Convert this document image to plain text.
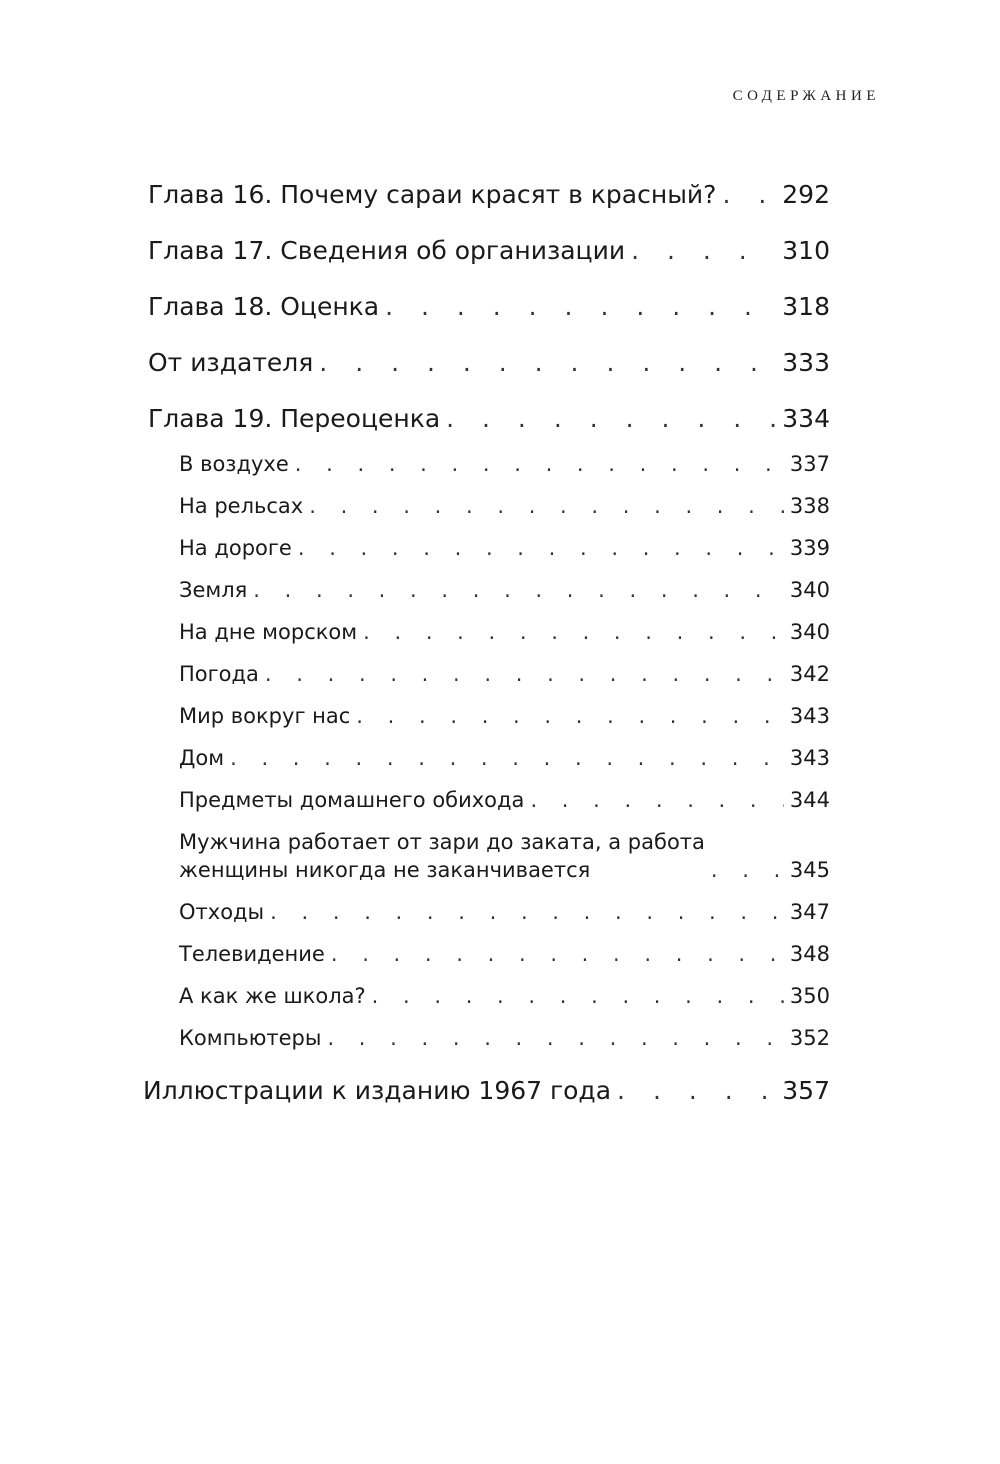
СОДЕРЖАНИЕ
Глава 16. Почему сараи красят в красный? . . .	292
Глава 17. Сведения об организации . . .	310
Глава 18. Оценка . . .	318
От издателя . . .	333
Глава 19. Переоценка . . .	334
В воздухе . . .	337
На рельсах . . .	338
На дороге . . .	339
Земля . . .	340
На дне морском . . .	340
Погода . . .	342
Мир вокруг нас . . .	343
Дом . . .	343
Предметы домашнего обихода . . .	344
Мужчина работает от зари до заката, а работа
женщины никогда не заканчивается . . .	345
Отходы . . .	347
Телевидение . . .	348
А как же школа? . . .	350
Компьютеры . . .	352
Иллюстрации к изданию 1967 года . . .	357
